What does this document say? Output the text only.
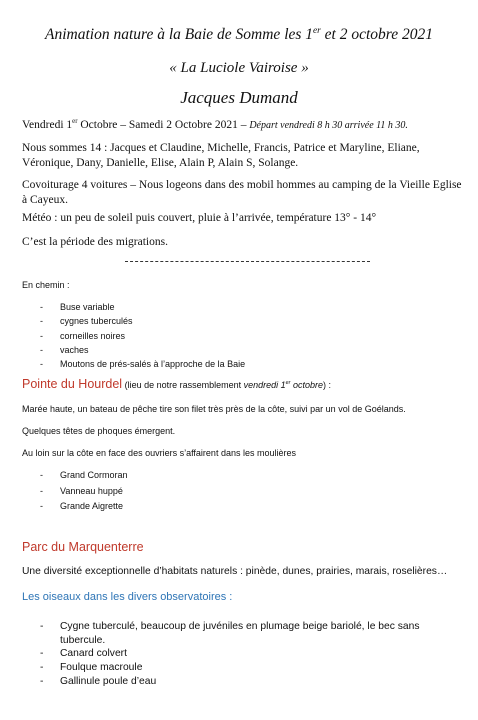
Animation nature à la Baie de Somme les 1er et 2 octobre 2021
« La Luciole Vairoise »
Jacques Dumand
Vendredi 1er Octobre – Samedi 2 Octobre 2021 – Départ vendredi 8 h 30 arrivée 11 h 30.
Nous sommes 14 : Jacques et Claudine, Michelle, Francis, Patrice et Maryline, Eliane, Véronique, Dany, Danielle, Elise, Alain P, Alain S, Solange.
Covoiturage 4 voitures – Nous logeons dans des mobil hommes au camping de la Vieille Eglise à Cayeux.
Météo : un peu de soleil puis couvert, pluie à l’arrivée, température 13° - 14°
C’est la période des migrations.
En chemin :
- Buse variable
- cygnes tuberculés
- corneilles noires
- vaches
- Moutons de prés-salés à l’approche de la Baie
Pointe du Hourdel (lieu de notre rassemblement vendredi 1er octobre) :
Marée haute, un bateau de pêche tire son filet très près de la côte, suivi par un vol de Goélands.
Quelques têtes de phoques émergent.
Au loin sur la côte en face des ouvriers s’affairent dans les moulières
- Grand Cormoran
- Vanneau huppé
- Grande Aigrette
Parc du Marquenterre
Une diversité exceptionnelle d’habitats naturels : pinède, dunes, prairies, marais, roselières…
Les oiseaux dans les divers observatoires :
- Cygne tuberculé, beaucoup de juvéniles en plumage beige bariolé, le bec sans tubercule.
- Canard colvert
- Foulque macroule
- Gallinule poule d’eau
